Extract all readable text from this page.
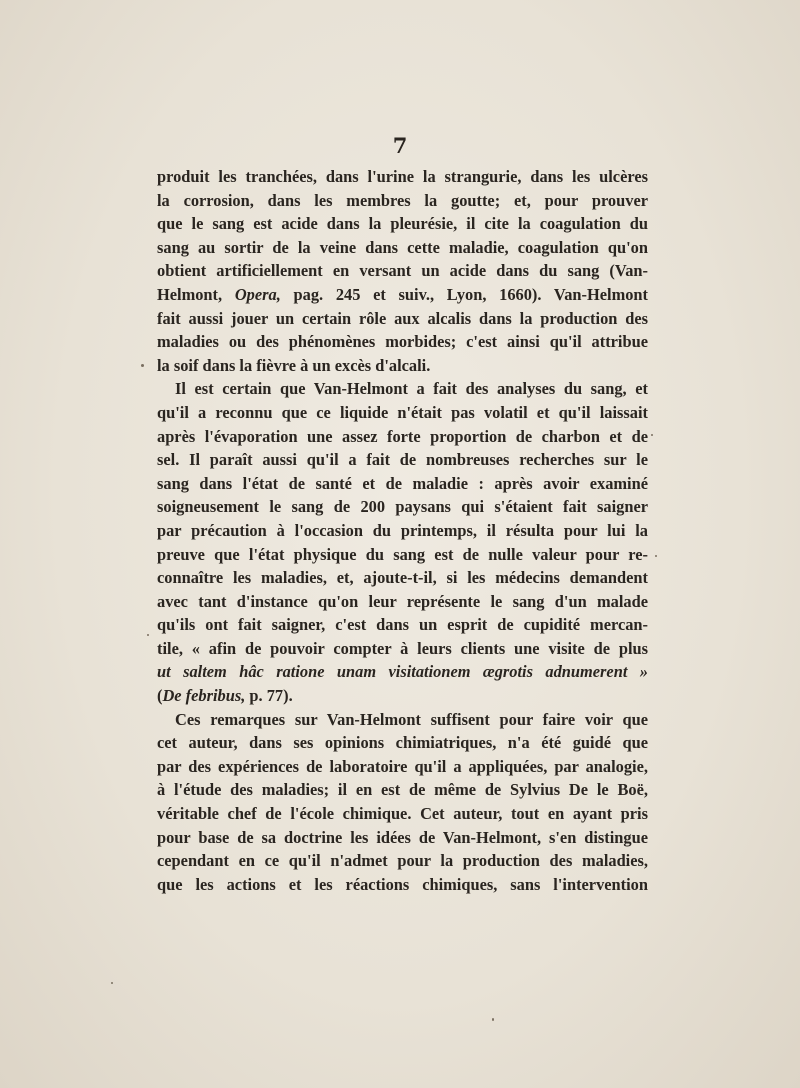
7
produit les tranchées, dans l'urine la strangurie, dans les ulcères
la corrosion, dans les membres la goutte; et, pour prouver
que le sang est acide dans la pleurésie, il cite la coagulation du
sang au sortir de la veine dans cette maladie, coagulation qu'on
obtient artificiellement en versant un acide dans du sang (Van-
Helmont, Opera, pag. 245 et suiv., Lyon, 1660). Van-Helmont
fait aussi jouer un certain rôle aux alcalis dans la production des
maladies ou des phénomènes morbides; c'est ainsi qu'il attribue
la soif dans la fièvre à un excès d'alcali.
Il est certain que Van-Helmont a fait des analyses du sang, et
qu'il a reconnu que ce liquide n'était pas volatil et qu'il laissait
après l'évaporation une assez forte proportion de charbon et de
sel. Il paraît aussi qu'il a fait de nombreuses recherches sur le
sang dans l'état de santé et de maladie : après avoir examiné
soigneusement le sang de 200 paysans qui s'étaient fait saigner
par précaution à l'occasion du printemps, il résulta pour lui la
preuve que l'état physique du sang est de nulle valeur pour re-
connaître les maladies, et, ajoute-t-il, si les médecins demandent
avec tant d'instance qu'on leur représente le sang d'un malade
qu'ils ont fait saigner, c'est dans un esprit de cupidité mercan-
tile, « afin de pouvoir compter à leurs clients une visite de plus
ut saltem hâc ratione unam visitationem ægrotis adnumerent »
(De febribus, p. 77).
Ces remarques sur Van-Helmont suffisent pour faire voir que
cet auteur, dans ses opinions chimiatriques, n'a été guidé que
par des expériences de laboratoire qu'il a appliquées, par analogie,
à l'étude des maladies; il en est de même de Sylvius De le Boë,
véritable chef de l'école chimique. Cet auteur, tout en ayant pris
pour base de sa doctrine les idées de Van-Helmont, s'en distingue
cependant en ce qu'il n'admet pour la production des maladies,
que les actions et les réactions chimiques, sans l'intervention
